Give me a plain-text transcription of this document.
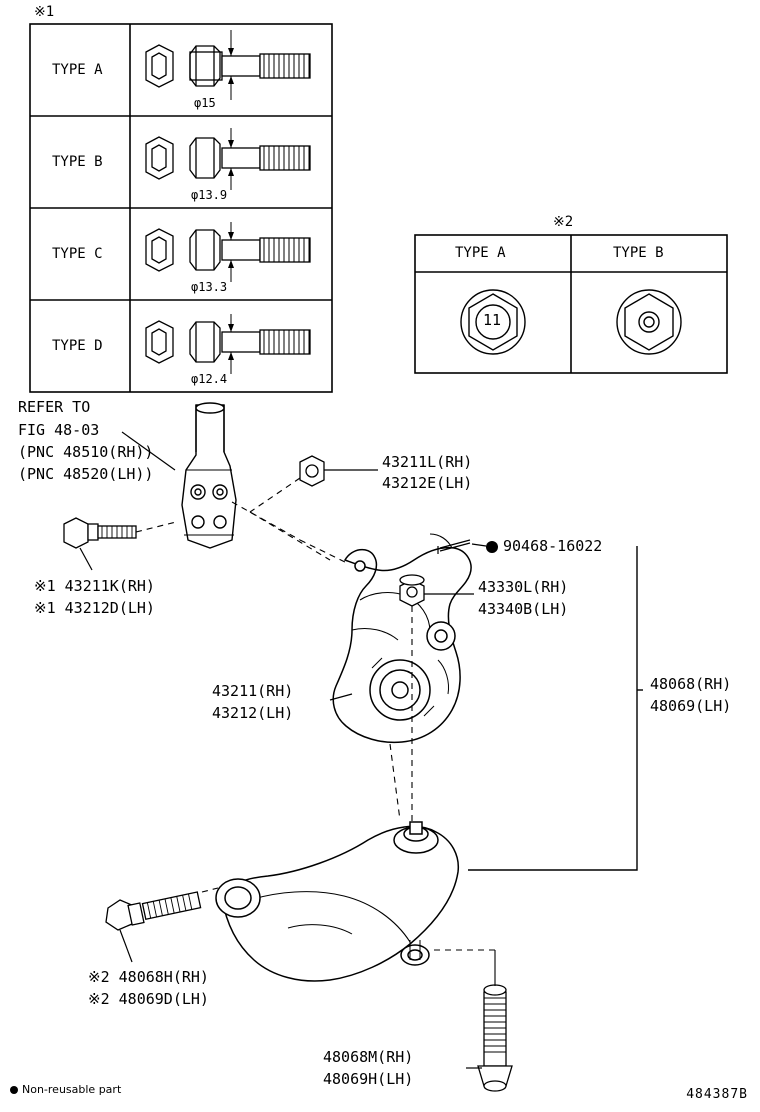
※1
TYPE A
TYPE B
TYPE C
TYPE D
φ15
φ13.9
φ13.3
φ12.4
※2
TYPE A	TYPE B
11
REFER TO
FIG 48-03
(PNC 48510(RH))
(PNC 48520(LH))
43211L(RH)
43212E(LH)
※1 43211K(RH)
※1 43212D(LH)
90468-16022
43330L(RH)
43340B(LH)
43211(RH)
43212(LH)
48068(RH)
48069(LH)
※2 48068H(RH)
※2 48069D(LH)
48068M(RH)
48069H(LH)
Non-reusable part	484387B
